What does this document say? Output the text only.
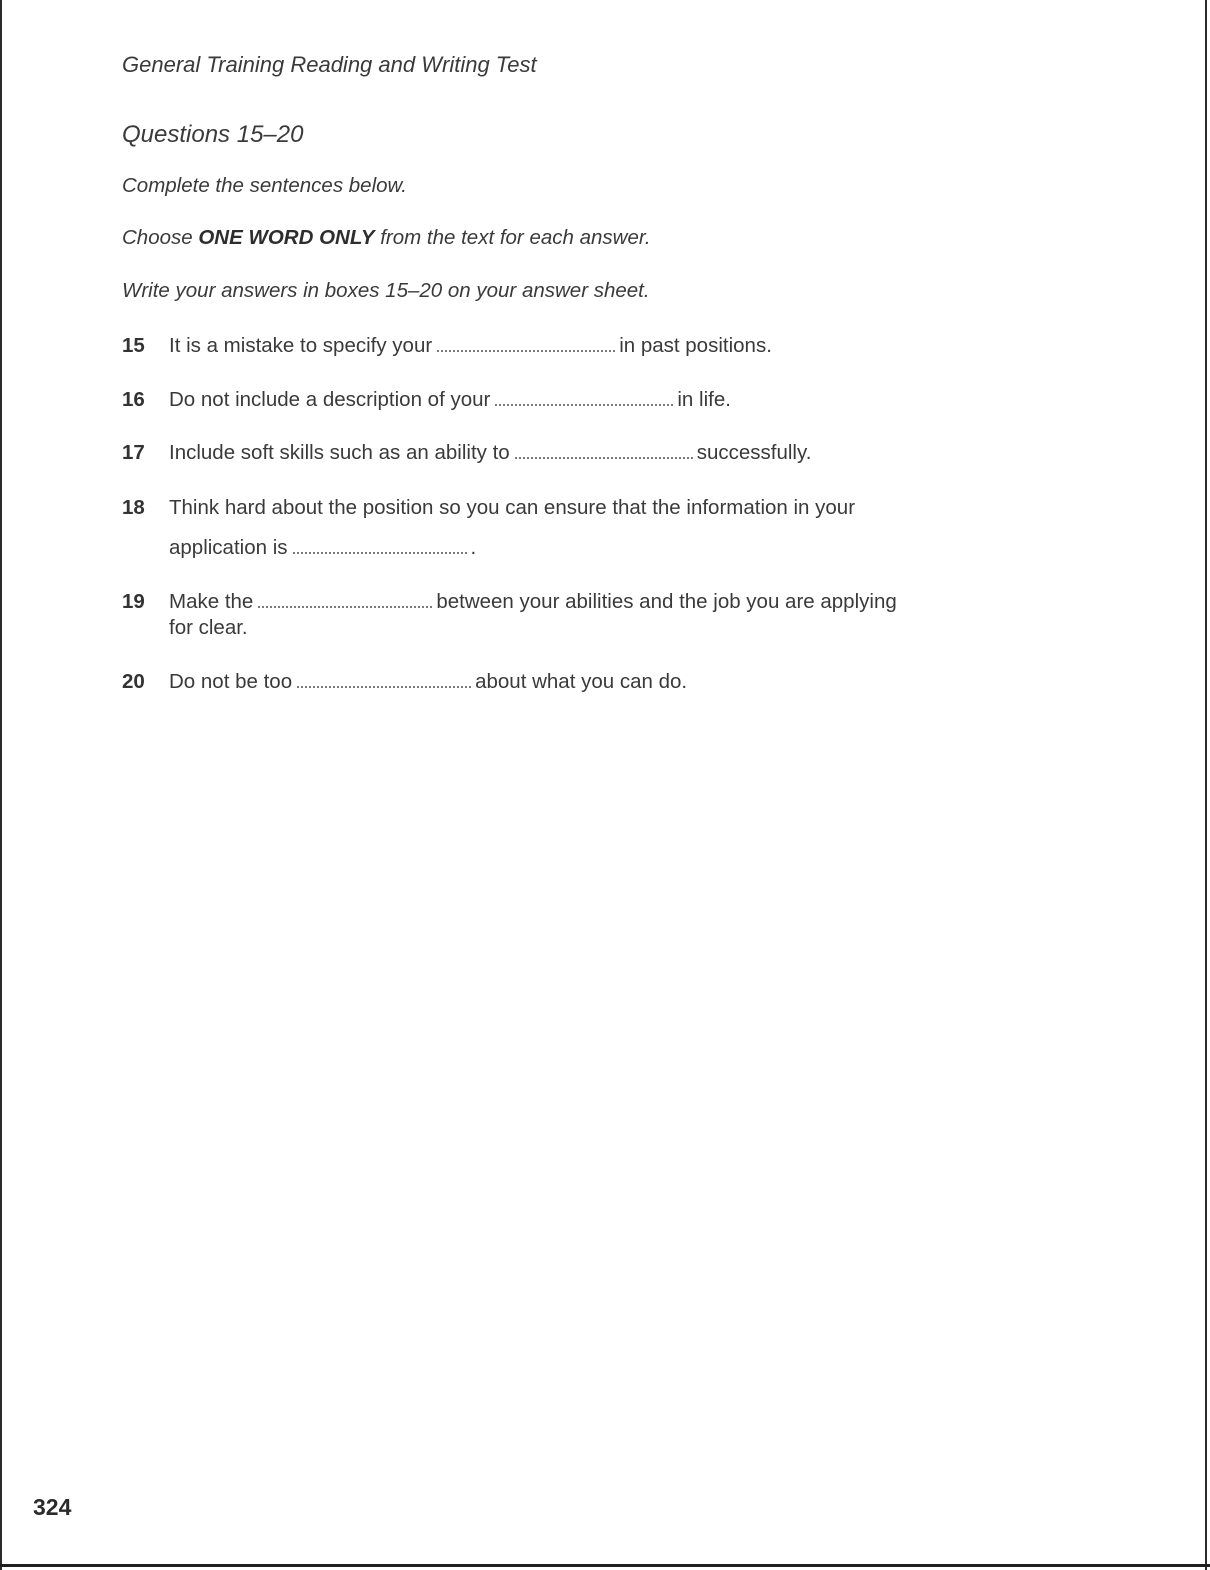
General Training Reading and Writing Test
Questions 15–20
Complete the sentences below.
Choose ONE WORD ONLY from the text for each answer.
Write your answers in boxes 15–20 on your answer sheet.
15	It is a mistake to specify your	in past positions.
16	Do not include a description of your	in life.
17	Include soft skills such as an ability to	successfully.
18	Think hard about the position so you can ensure that the information in your
application is	.
19	Make the	between your abilities and the job you are applying
for clear.
20	Do not be too	about what you can do.
324
